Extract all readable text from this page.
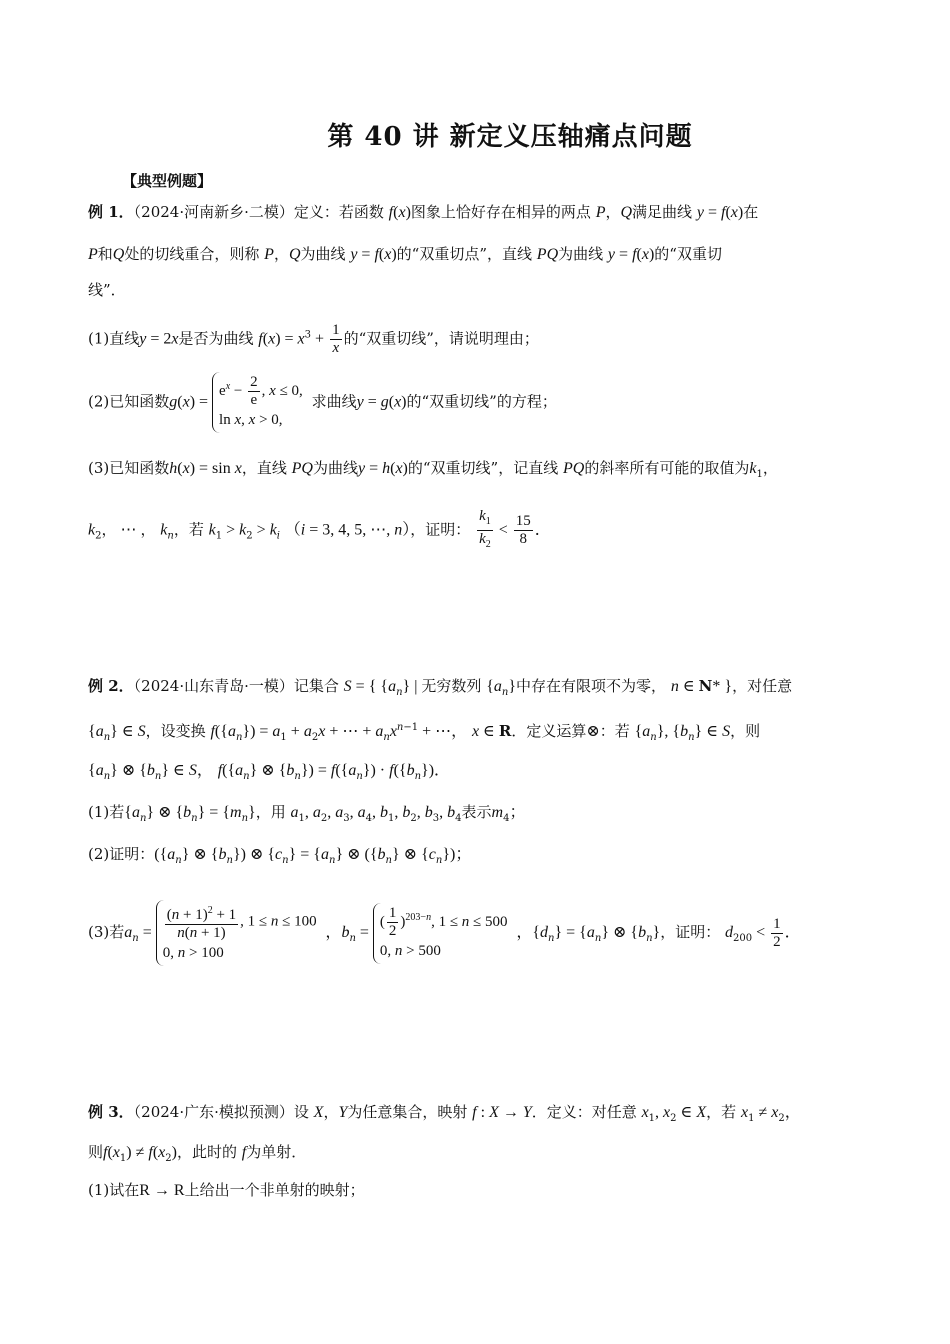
第 40 讲 新定义压轴痛点问题
【典型例题】
例 1．（2024·河南新乡·二模）定义：若函数 f(x)图象上恰好存在相异的两点 P，Q满足曲线 y = f(x)在
P和Q处的切线重合，则称 P，Q为曲线 y = f(x)的“双重切点”，直线 PQ为曲线 y = f(x)的“双重切
线”．
(1)直线y = 2x是否为曲线 $f(x) = x^3 + \frac{1}{x}$ 的“双重切线”，请说明理由；
(2)已知函数g(x) =
$e^x - \frac{2}{e}$ , x ≤ 0,
ln x, x > 0,
求曲线y = g(x)的“双重切线”的方程；
(3)已知函数h(x) = sin x，直线 PQ为曲线y = h(x)的“双重切线”，记直线 PQ的斜率所有可能的取值为$k_1$，
$k_2$， ⋯ ， $k_n$，若 $k_1 > k_2 > k_i$ （i = 3, 4, 5, ⋯, n），证明： $\frac{k_1}{k_2} < \frac{15}{8}$ ．
例 2．（2024·山东青岛·一模）记集合 S = { $\{a_n\}$ | 无穷数列 $\{a_n\}$中存在有限项不为零， n ∈ N* }，对任意
$\{a_n\}$ ∈ S，设变换 $f(\{a_n\}) = a_1 + a_2x$ + ⋯ + $a_nx^{n-1}$ + ⋯， x ∈ R．定义运算⊗：若 $\{a_n\}$, $\{b_n\}$ ∈ S，则
$\{a_n\}$ ⊗ $\{b_n\}$ ∈ S， $f(\{a_n\}$ ⊗ $\{b_n\}) = f(\{a_n\}) \cdot f(\{b_n\})$．
(1)若$\{a_n\}$ ⊗ $\{b_n\} = \{m_n\}$，用 $a_1$, $a_2$, $a_3$, $a_4$, $b_1$, $b_2$, $b_3$, $b_4$表示$m_4$；
(2)证明：($\{a_n\}$ ⊗ $\{b_n\}$) ⊗ $\{c_n\} = \{a_n\}$ ⊗ ($\{b_n\}$ ⊗ $\{c_n\}$)；
(3)若$a_n = \frac{(n + 1)^2 + 1}{n(n + 1)}$ , 1 ≤ n ≤ 100
0, n > 100
，$b_n$ =
( $\frac{1}{2} )^{203-n}$, 1 ≤ n ≤ 500
0, n > 500
，$\{d_n\} = \{a_n\}$ ⊗ $\{b_n\}$，证明： $d_{200} < \frac{1}{2}$ ．
例 3．（2024·广东·模拟预测）设 X，Y为任意集合，映射 f : X → Y．定义：对任意 $x_1$, $x_2$ ∈ X，若 $x_1 \ne x_2$，
则$f(x_1) \ne f(x_2)$，此时的 f为单射．
(1)试在R → R上给出一个非单射的映射；
